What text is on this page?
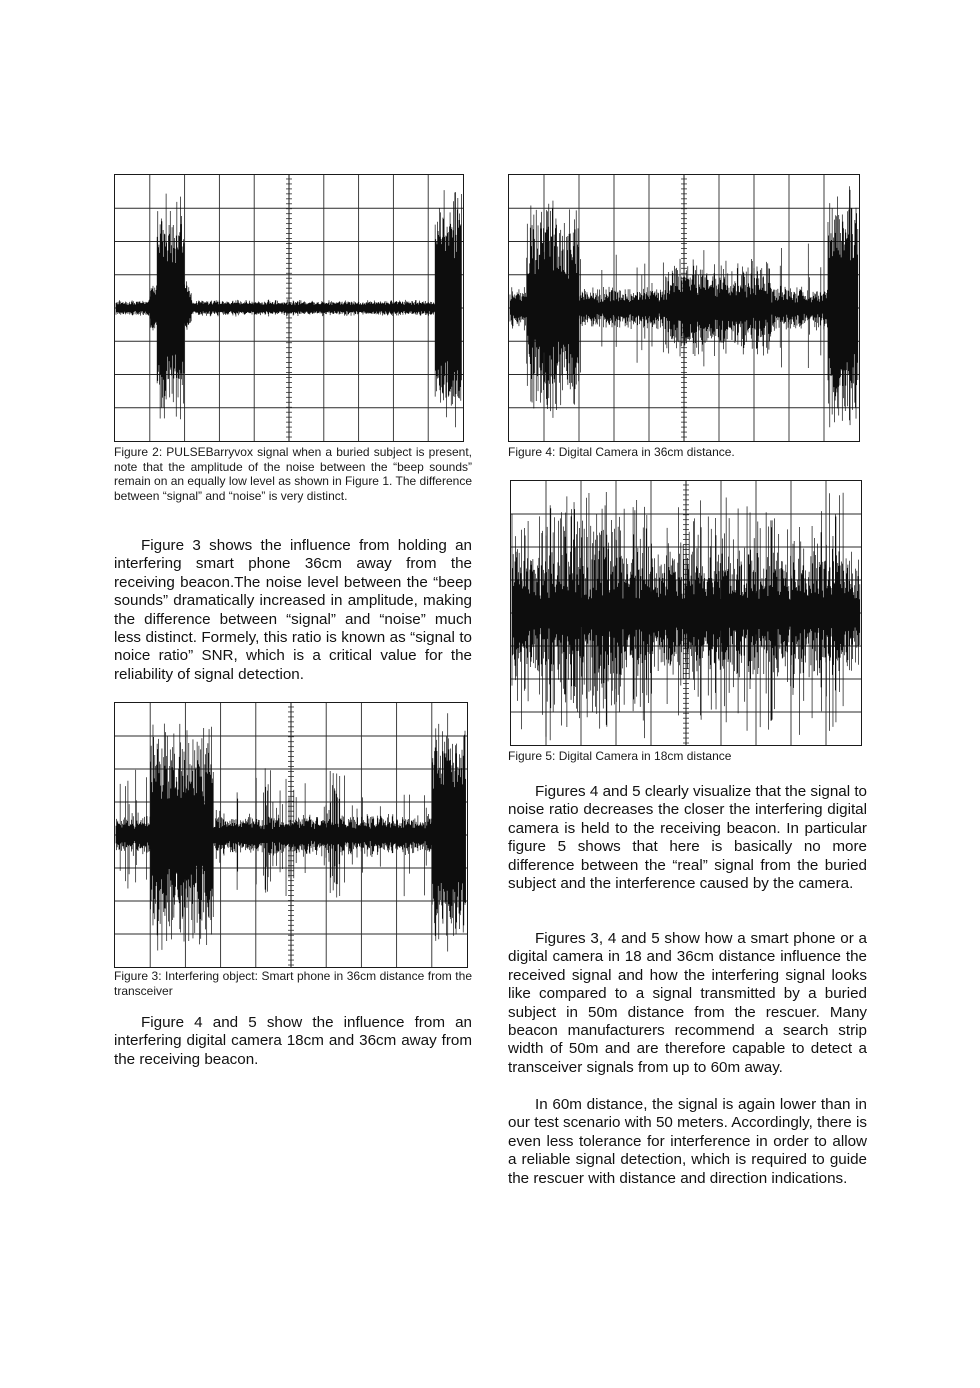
Figure 2: PULSEBarryvox signal when a buried subject is present, note that the amplitude of the noise between the “beep sounds” remain on an equally low level as shown in Figure 1. The difference between “signal” and “noise” is very distinct.

Figure 3 shows the influence from holding an interfering smart phone 36cm away from the receiving beacon.The noise level between the “beep sounds” dramatically increased in amplitude, making the difference between “signal” and “noise” much less distinct. Formely, this ratio is known as “signal to noice ratio” SNR, which is a critical value for the reliability of signal detection.

Figure 3: Interfering object: Smart phone in 36cm distance from the transceiver

Figure 4 and 5 show the influence from an interfering digital camera 18cm and 36cm away from the receiving beacon.

Figure 4: Digital Camera in 36cm distance.
Figure 5: Digital Camera in 18cm distance

Figures 4 and 5 clearly visualize that the signal to noise ratio decreases the closer the interfering digital camera is held to the receiving beacon. In particular figure 5 shows that here is basically no more difference between the “real” signal from the buried subject and the interference caused by the camera.

Figures 3, 4 and 5 show how a smart phone or a digital camera in 18 and 36cm distance influence the received signal and how the interfering signal looks like compared to a signal transmitted by a buried subject in 50m distance from the rescuer. Many beacon manufacturers recommend a search strip width of 50m and are therefore capable to detect a transceiver signals from up to 60m away.

In 60m distance, the signal is again lower than in our test scenario with 50 meters. Accordingly, there is even less tolerance for interference in order to allow a reliable signal detection, which is required to guide the rescuer with distance and direction indications.
